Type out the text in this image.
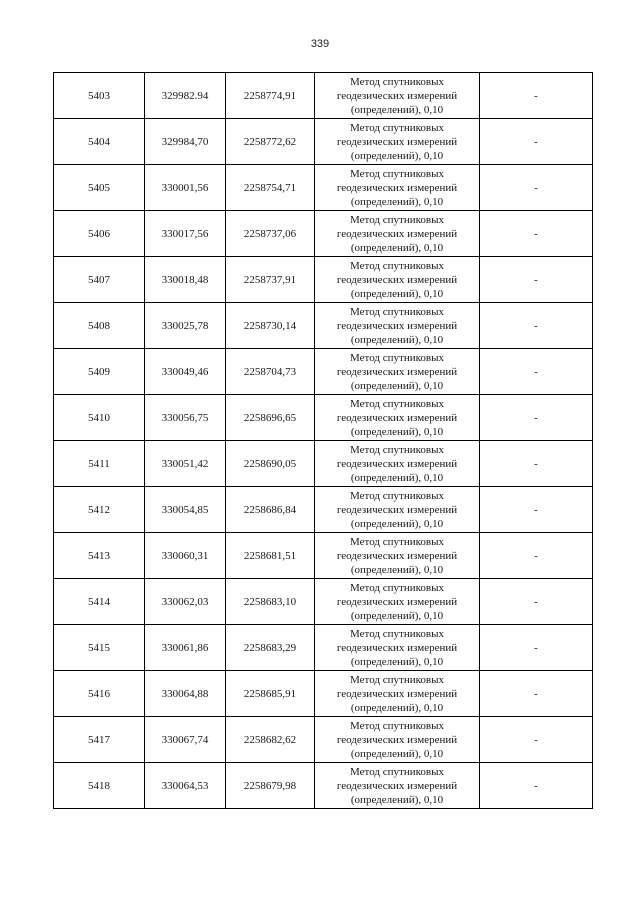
339
5403	329982.94	2258774,91	Метод спутниковых
геодезических измерений
(определений), 0,10	-
5404	329984,70	2258772,62	Метод спутниковых
геодезических измерений
(определений), 0,10	-
5405	330001,56	2258754,71	Метод спутниковых
геодезических измерений
(определений), 0,10	-
5406	330017,56	2258737,06	Метод спутниковых
геодезических измерений
(определений), 0,10	-
5407	330018,48	2258737,91	Метод спутниковых
геодезических измерений
(определений), 0,10	-
5408	330025,78	2258730,14	Метод спутниковых
геодезических измерений
(определений), 0,10	-
5409	330049,46	2258704,73	Метод спутниковых
геодезических измерений
(определений), 0,10	-
5410	330056,75	2258696,65	Метод спутниковых
геодезических измерений
(определений), 0,10	-
5411	330051,42	2258690,05	Метод спутниковых
геодезических измерений
(определений), 0,10	-
5412	330054,85	2258686,84	Метод спутниковых
геодезических измерений
(определений), 0,10	-
5413	330060,31	2258681,51	Метод спутниковых
геодезических измерений
(определений), 0,10	-
5414	330062,03	2258683,10	Метод спутниковых
геодезических измерений
(определений), 0,10	-
5415	330061,86	2258683,29	Метод спутниковых
геодезических измерений
(определений), 0,10	-
5416	330064,88	2258685,91	Метод спутниковых
геодезических измерений
(определений), 0,10	-
5417	330067,74	2258682,62	Метод спутниковых
геодезических измерений
(определений), 0,10	-
5418	330064,53	2258679,98	Метод спутниковых
геодезических измерений
(определений), 0,10	-
